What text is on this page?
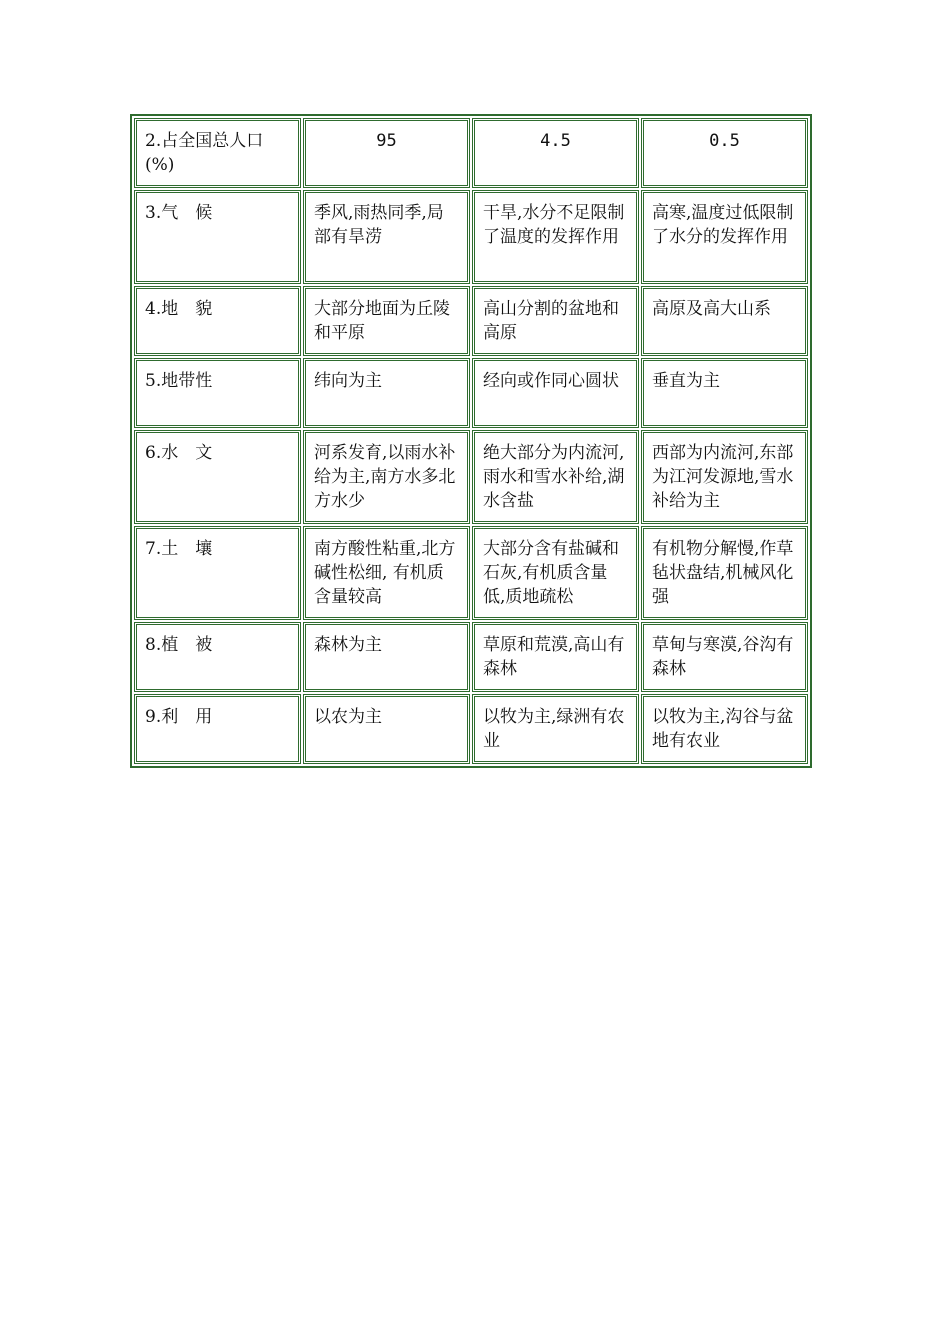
2.占全国总人口(%)	95	4.5	0.5
3.气　候	季风,雨热同季,局部有旱涝	干旱,水分不足限制了温度的发挥作用	高寒,温度过低限制了水分的发挥作用
4.地　貌	大部分地面为丘陵和平原	高山分割的盆地和高原	高原及高大山系
5.地带性	纬向为主	经向或作同心圆状	垂直为主
6.水　文	河系发育,以雨水补给为主,南方水多北方水少	绝大部分为内流河,雨水和雪水补给,湖水含盐	西部为内流河,东部为江河发源地,雪水补给为主
7.土　壤	南方酸性粘重,北方碱性松细, 有机质含量较高	大部分含有盐碱和石灰,有机质含量低,质地疏松	有机物分解慢,作草毡状盘结,机械风化强
8.植　被	森林为主	草原和荒漠,高山有森林	草甸与寒漠,谷沟有森林
9.利　用	以农为主	以牧为主,绿洲有农业	以牧为主,沟谷与盆地有农业
